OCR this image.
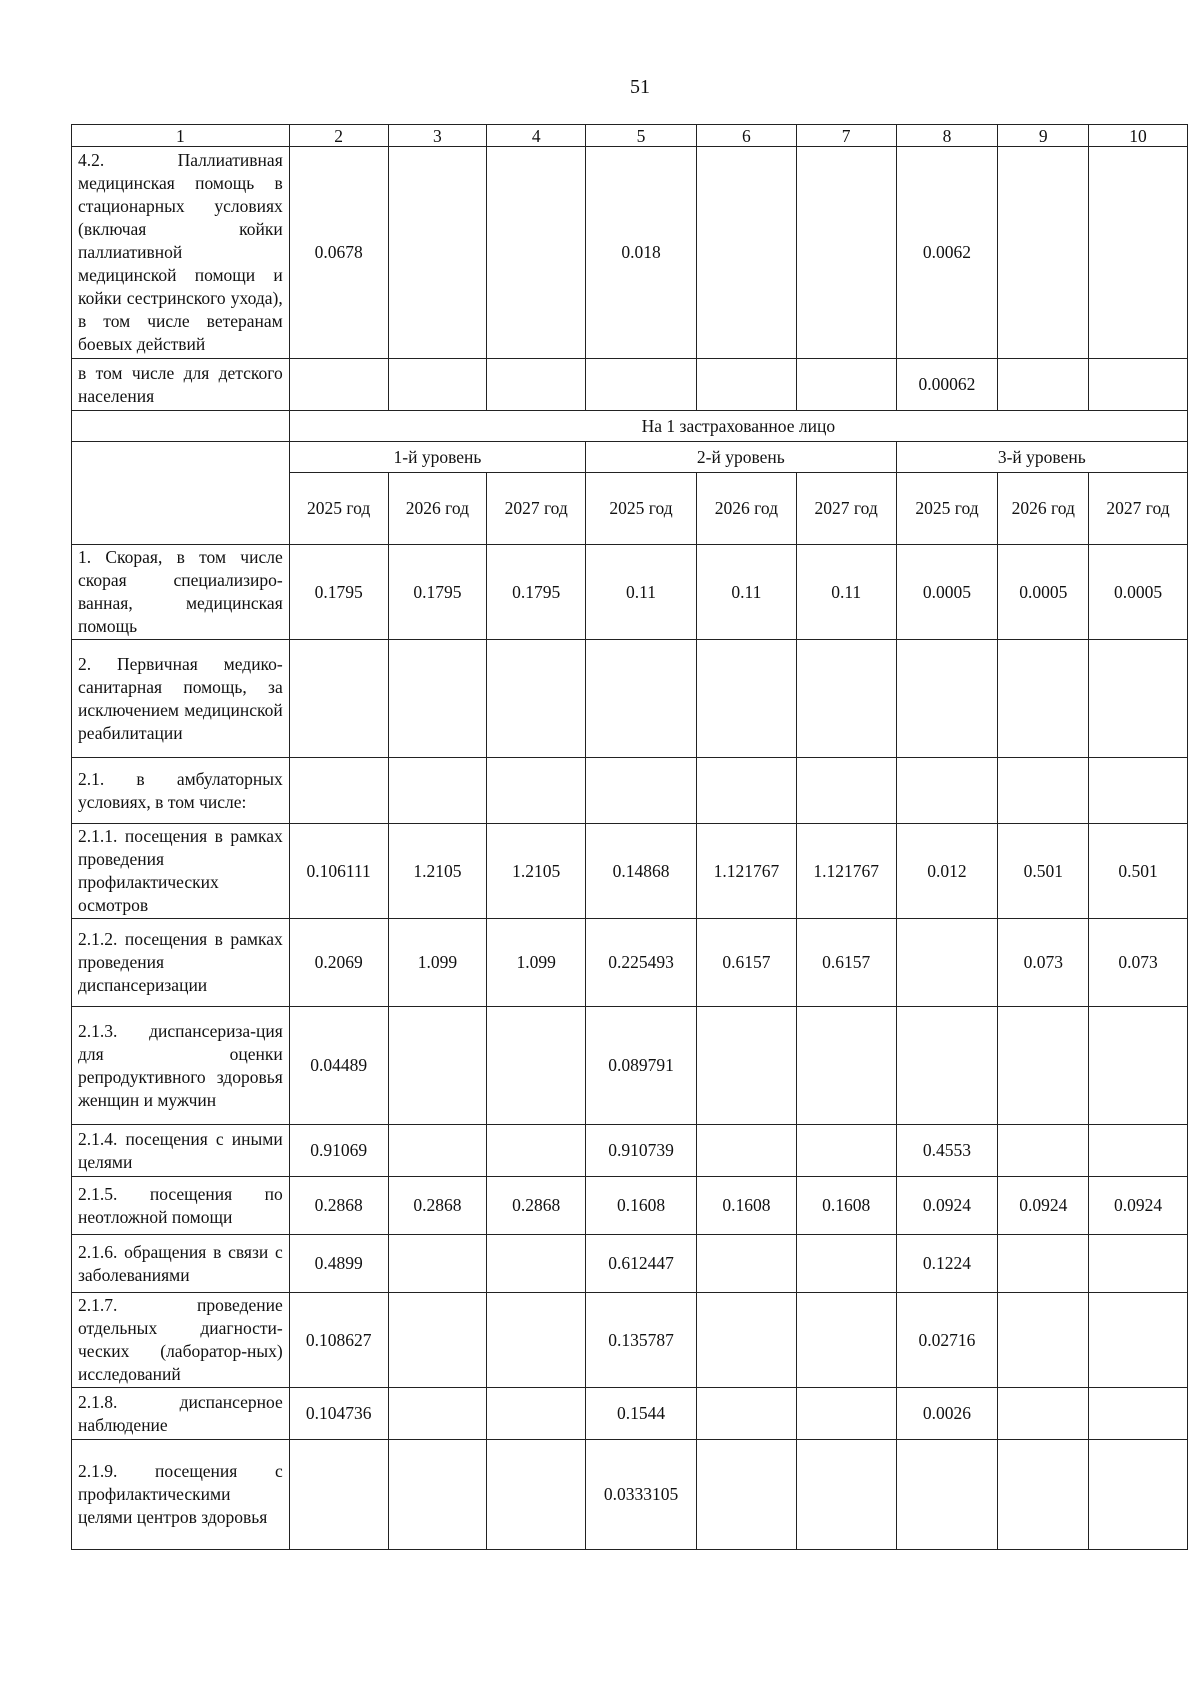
51
1	2	3	4	5	6	7	8	9	10
4.2. Паллиативная медицинская помощь в стационарных условиях (включая койки паллиативной медицинской помощи и койки сестринского ухода), в том числе ветеранам боевых действий	0.0678			0.018			0.0062		
в том числе для детского населения							0.00062		
	На 1 застрахованное лицо								
	1-й уровень			2-й уровень			3-й уровень		
	2025 год	2026 год	2027 год	2025 год	2026 год	2027 год	2025 год	2026 год	2027 год
1. Скорая, в том числе скорая специализиро-ванная, медицинская помощь	0.1795	0.1795	0.1795	0.11	0.11	0.11	0.0005	0.0005	0.0005
2. Первичная медико-санитарная помощь, за исключением медицинской реабилитации									
2.1. в амбулаторных условиях, в том числе:									
2.1.1. посещения в рамках проведения профилактических осмотров	0.106111	1.2105	1.2105	0.14868	1.121767	1.121767	0.012	0.501	0.501
2.1.2. посещения в рамках проведения диспансеризации	0.2069	1.099	1.099	0.225493	0.6157	0.6157		0.073	0.073
2.1.3. диспансериза-ция для оценки репродуктивного здоровья женщин и мужчин	0.04489			0.089791					
2.1.4. посещения с иными целями	0.91069			0.910739			0.4553		
2.1.5. посещения по неотложной помощи	0.2868	0.2868	0.2868	0.1608	0.1608	0.1608	0.0924	0.0924	0.0924
2.1.6. обращения в связи с заболеваниями	0.4899			0.612447			0.1224		
2.1.7. проведение отдельных диагности-ческих (лаборатор-ных) исследований	0.108627			0.135787			0.02716		
2.1.8. диспансерное наблюдение	0.104736			0.1544			0.0026		
2.1.9. посещения с профилактическими целями центров здоровья				0.0333105					
